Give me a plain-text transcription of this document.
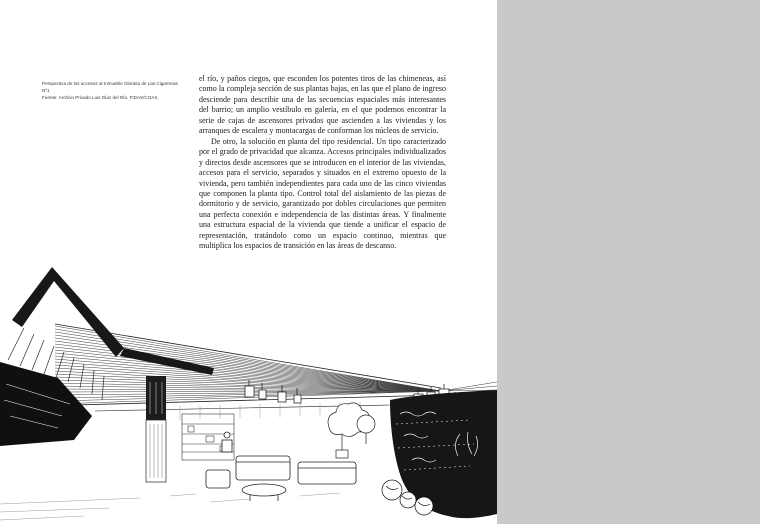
Perspectiva de los accesos al Inmueble Glorieta de Las Cigarreras Nº1
Fuente: Archivo Privado Luis Díaz del Río. FIDAS/COAS.

el río, y paños ciegos, que esconden los potentes tiros de las chimeneas, así como la compleja sección de sus plantas bajas, en las que el plano de ingreso desciende para describir una de las secuencias espaciales más interesantes del barrio; un amplio vestíbulo en galería, en el que podemos encontrar la serie de cajas de ascensores privados que ascienden a las viviendas y los arranques de escalera y montacargas de conforman los núcleos de servicio.

De otro, la solución en planta del tipo residencial. Un tipo caracterizado por el grado de privacidad que alcanza. Accesos principales individualizados y directos desde ascensores que se introducen en el interior de las viviendas, accesos para el servicio, separados y situados en el extremo opuesto de la vivienda, pero también independientes para cada uno de las cinco viviendas que componen la planta tipo. Control total del aislamiento de las piezas de dormitorio y de servicio, garantizado por dobles circulaciones que permiten una perfecta conexión e independencia de las distintas áreas. Y finalmente una estructura espacial de la vivienda que tiende a unificar el espacio de representación, tratándolo como un espacio continuo, mientras que multiplica los espacios de transición en las áreas de descanso.
